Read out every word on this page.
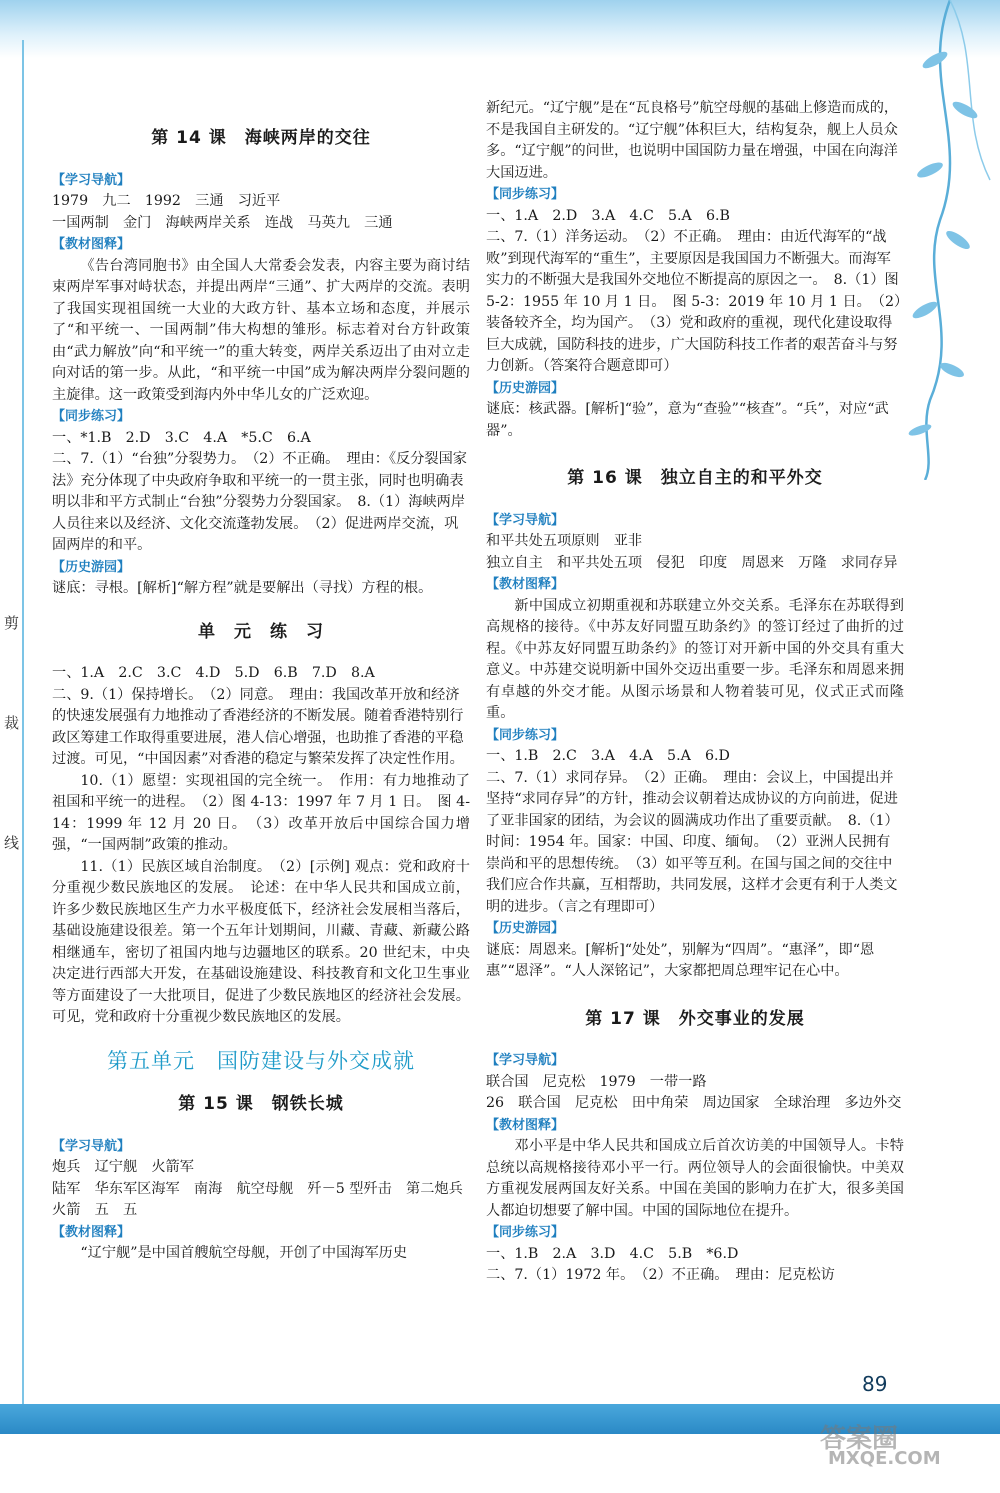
剪
裁
线
第 14 课　海峡两岸的交往
【 学习导航 】
1979　九二　1992　三通　习近平
一国两制　金门　海峡两岸关系　连战　马英九　三通
【 教材图释 】
《告台湾同胞书》由全国人大常委会发表，内容主要为商讨结束两岸军事对峙状态，并提出两岸“三通”、扩大两岸的交流。表明了我国实现祖国统一大业的大政方针、基本立场和态度，并展示了“和平统一、一国两制”伟大构想的雏形。标志着对台方针政策由“武力解放”向“和平统一”的重大转变，两岸关系迈出了由对立走向对话的第一步。从此，“和平统一中国”成为解决两岸分裂问题的主旋律。这一政策受到海内外中华儿女的广泛欢迎。
【 同步练习 】
一、*1.B　2.D　3.C　4.A　*5.C　6.A
二、7.（1）“台独”分裂势力。　（2）不正确。　理由：《反分裂国家法》充分体现了中央政府争取和平统一的一贯主张，同时也明确表明以非和平方式制止“台独”分裂势力分裂国家。　8.（1）海峡两岸人员往来以及经济、文化交流蓬勃发展。　（2）促进两岸交流，巩固两岸的和平。
【 历史游园 】
谜底：寻根。[解析]“解方程”就是要解出（寻找）方程的根。
单　元　练　习
一、1.A　2.C　3.C　4.D　5.D　6.B　7.D　8.A
二、9.（1）保持增长。　（2）同意。　理由：我国改革开放和经济的快速发展强有力地推动了香港经济的不断发展。随着香港特别行政区筹建工作取得重要进展，港人信心增强，也助推了香港的平稳过渡。可见，“中国因素”对香港的稳定与繁荣发挥了决定性作用。
10.（1）愿望：实现祖国的完全统一。　作用：有力地推动了祖国和平统一的进程。　（2）图 4-13：1997 年 7 月 1 日。　图 4-14：1999 年 12 月 20 日。　（3）改革开放后中国综合国力增强，“一国两制”政策的推动。
11.（1）民族区域自治制度。　（2）[示例] 观点：党和政府十分重视少数民族地区的发展。　论述：在中华人民共和国成立前，许多少数民族地区生产力水平极度低下，经济社会发展相当落后，基础设施建设很差。第一个五年计划期间，川藏、青藏、新藏公路相继通车，密切了祖国内地与边疆地区的联系。20 世纪末，中央决定进行西部大开发，在基础设施建设、科技教育和文化卫生事业等方面建设了一大批项目，促进了少数民族地区的经济社会发展。可见，党和政府十分重视少数民族地区的发展。
第五单元　国防建设与外交成就
第 15 课　钢铁长城
【 学习导航 】
炮兵　辽宁舰　火箭军
陆军　华东军区海军　南海　航空母舰　歼－5 型歼击　第二炮兵　火箭　五　五
【 教材图释 】
“辽宁舰”是中国首艘航空母舰，开创了中国海军历史
新纪元。“辽宁舰”是在“瓦良格号”航空母舰的基础上修造而成的，不是我国自主研发的。“辽宁舰”体积巨大，结构复杂，舰上人员众多。“辽宁舰”的问世，也说明中国国防力量在增强，中国在向海洋大国迈进。
【 同步练习 】
一、1.A　2.D　3.A　4.C　5.A　6.B
二、7.（1）洋务运动。　（2）不正确。　理由：由近代海军的“战败”到现代海军的“重生”，主要原因是我国国力不断强大。而海军实力的不断强大是我国外交地位不断提高的原因之一。　8.（1）图 5-2：1955 年 10 月 1 日。　图 5-3：2019 年 10 月 1 日。　（2）装备较齐全，均为国产。　（3）党和政府的重视，现代化建设取得巨大成就，国防科技的进步，广大国防科技工作者的艰苦奋斗与努力创新。（答案符合题意即可）
【 历史游园 】
谜底：核武器。[解析]“验”，意为“查验”“核查”。“兵”，对应“武器”。
第 16 课　独立自主的和平外交
【 学习导航 】
和平共处五项原则　亚非
独立自主　和平共处五项　侵犯　印度　周恩来　万隆　求同存异
【 教材图释 】
新中国成立初期重视和苏联建立外交关系。毛泽东在苏联得到高规格的接待。《中苏友好同盟互助条约》的签订经过了曲折的过程。《中苏友好同盟互助条约》的签订对开新中国的外交具有重大意义。中苏建交说明新中国外交迈出重要一步。毛泽东和周恩来拥有卓越的外交才能。从图示场景和人物着装可见，仪式正式而隆重。
【 同步练习 】
一、1.B　2.C　3.A　4.A　5.A　6.D
二、7.（1）求同存异。　（2）正确。　理由：会议上，中国提出并坚持“求同存异”的方针，推动会议朝着达成协议的方向前进，促进了亚非国家的团结，为会议的圆满成功作出了重要贡献。　8.（1）时间：1954 年。国家：中国、印度、缅甸。　（2）亚洲人民拥有崇尚和平的思想传统。　（3）如平等互利。在国与国之间的交往中我们应合作共赢，互相帮助，共同发展，这样才会更有利于人类文明的进步。（言之有理即可）
【 历史游园 】
谜底：周恩来。[解析]“处处”，别解为“四周”。“惠泽”，即“恩惠”“恩泽”。“人人深铭记”，大家都把周总理牢记在心中。
第 17 课　外交事业的发展
【 学习导航 】
联合国　尼克松　1979　一带一路
26　联合国　尼克松　田中角荣　周边国家　全球治理　多边外交
【 教材图释 】
邓小平是中华人民共和国成立后首次访美的中国领导人。卡特总统以高规格接待邓小平一行。两位领导人的会面很愉快。中美双方重视发展两国友好关系。中国在美国的影响力在扩大，很多美国人都迫切想要了解中国。中国的国际地位在提升。
【 同步练习 】
一、1.B　2.A　3.D　4.C　5.B　*6.D
二、7.（1）1972 年。　（2）不正确。　理由：尼克松访
89
答案圈
MXQE.COM
